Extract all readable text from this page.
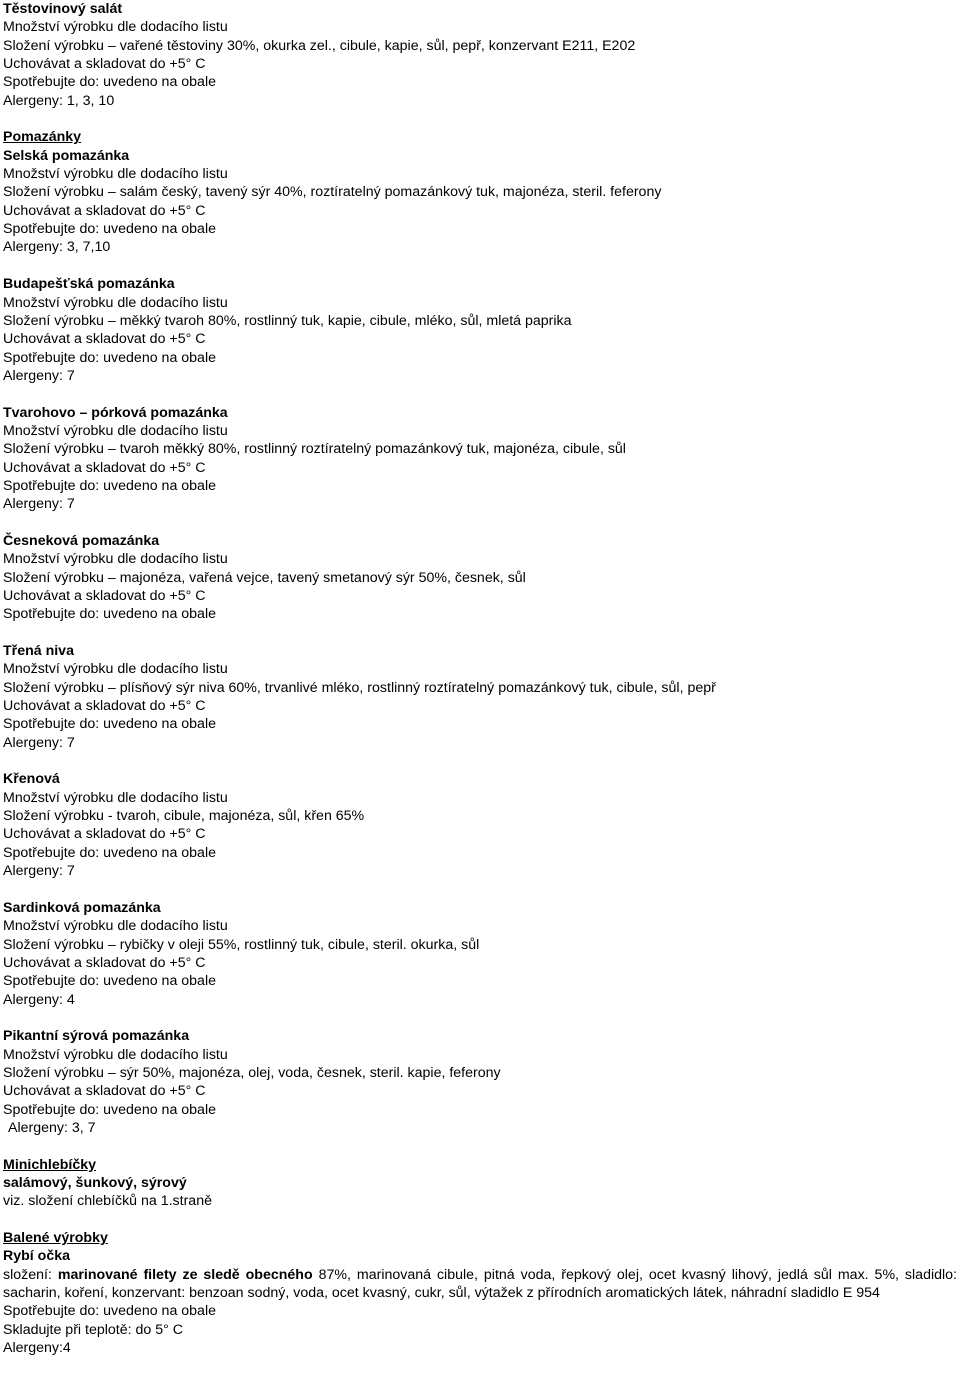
Těstovinový salát
Množství výrobku dle dodacího listu
Složení výrobku – vařené těstoviny 30%, okurka zel., cibule, kapie, sůl, pepř, konzervant E211, E202
Uchovávat a skladovat do +5° C
Spotřebujte do: uvedeno na obale
Alergeny: 1, 3, 10
Pomazánky
Selská pomazánka
Množství výrobku dle dodacího listu
Složení výrobku – salám český, tavený sýr 40%, roztíratelný pomazánkový tuk, majonéza, steril. feferony
Uchovávat a skladovat do +5° C
Spotřebujte do: uvedeno na obale
Alergeny: 3, 7,10
Budapešťská pomazánka
Množství výrobku dle dodacího listu
Složení výrobku – měkký tvaroh 80%, rostlinný tuk, kapie, cibule, mléko, sůl, mletá paprika
Uchovávat a skladovat do +5° C
Spotřebujte do: uvedeno na obale
Alergeny: 7
Tvarohovo – pórková pomazánka
Množství výrobku dle dodacího listu
Složení výrobku – tvaroh měkký 80%, rostlinný roztíratelný pomazánkový tuk, majonéza, cibule, sůl
Uchovávat a skladovat do +5° C
Spotřebujte do: uvedeno na obale
Alergeny: 7
Česneková pomazánka
Množství výrobku dle dodacího listu
Složení výrobku – majonéza, vařená vejce, tavený smetanový sýr 50%, česnek, sůl
Uchovávat a skladovat do +5° C
Spotřebujte do: uvedeno na obale
Třená niva
Množství výrobku dle dodacího listu
Složení výrobku – plísňový sýr niva 60%, trvanlivé mléko, rostlinný roztíratelný pomazánkový tuk, cibule, sůl, pepř
Uchovávat a skladovat do +5° C
Spotřebujte do: uvedeno na obale
Alergeny: 7
Křenová
Množství výrobku dle dodacího listu
Složení výrobku - tvaroh, cibule, majonéza, sůl, křen 65%
Uchovávat a skladovat do +5° C
Spotřebujte do: uvedeno na obale
Alergeny: 7
Sardinková pomazánka
Množství výrobku dle dodacího listu
Složení výrobku – rybičky v oleji 55%, rostlinný tuk, cibule, steril. okurka, sůl
Uchovávat a skladovat do +5° C
Spotřebujte do: uvedeno na obale
Alergeny: 4
Pikantní sýrová pomazánka
Množství výrobku dle dodacího listu
Složení výrobku – sýr 50%, majonéza, olej, voda, česnek, steril. kapie, feferony
Uchovávat a skladovat do +5° C
Spotřebujte do: uvedeno na obale
Alergeny: 3, 7
Minichlebíčky
salámový, šunkový, sýrový
viz. složení chlebíčků na 1.straně
Balené výrobky
Rybí očka
složení: marinované filety ze sledě obecného 87%, marinovaná cibule, pitná voda, řepkový olej, ocet kvasný lihový, jedlá sůl max. 5%, sladidlo: sacharin, koření, konzervant: benzoan sodný, voda, ocet kvasný, cukr, sůl, výtažek z přírodních aromatických látek, náhradní sladidlo E 954
Spotřebujte do: uvedeno na obale
Skladujte při teplotě: do 5° C
Alergeny:4
